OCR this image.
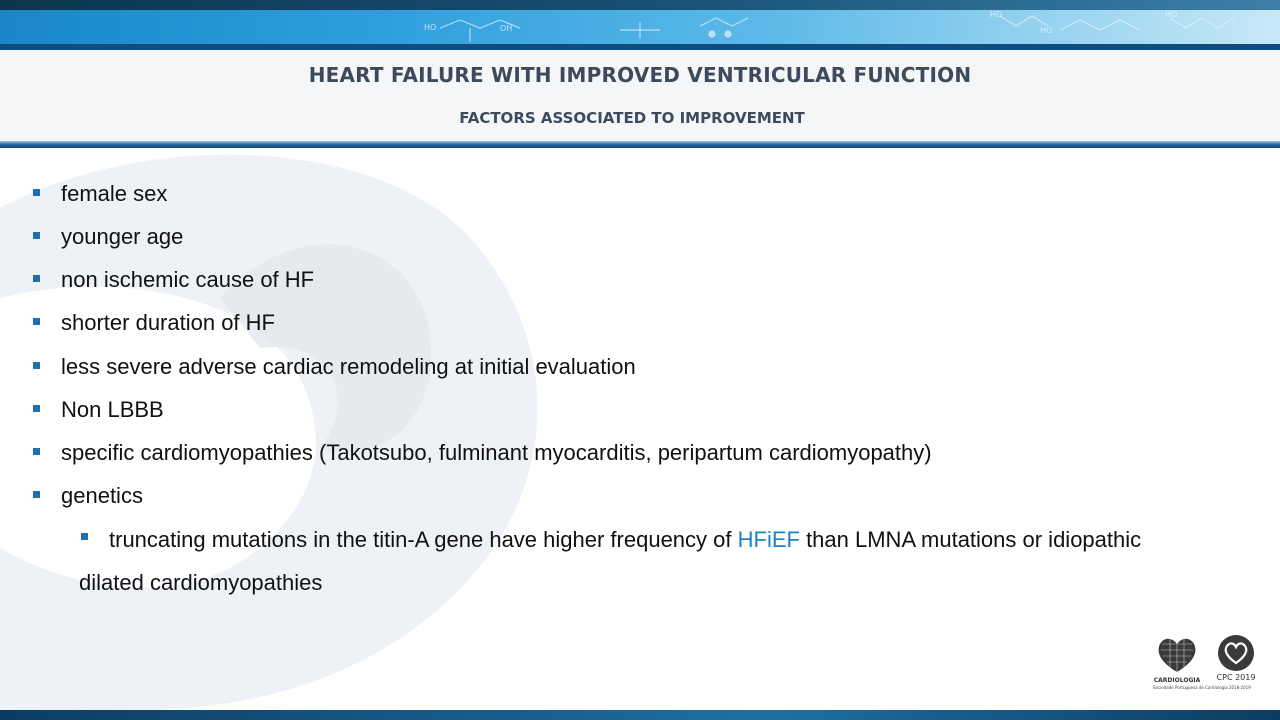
HO	OH
HO	HO
HO
HEART FAILURE WITH IMPROVED VENTRICULAR FUNCTION
FACTORS ASSOCIATED TO IMPROVEMENT
female sex
younger age
non ischemic cause of HF
shorter duration of HF
less severe adverse cardiac remodeling at initial evaluation
Non LBBB
specific cardiomyopathies (Takotsubo, fulminant myocarditis, peripartum cardiomyopathy)
genetics
truncating mutations in the titin-A gene have higher frequency of HFiEF than LMNA mutations or idiopathic
dilated cardiomyopathies
CARDIOLOGIA	CPC 2019
Sociedade Portuguesa de Cardiologia 2018-2019
